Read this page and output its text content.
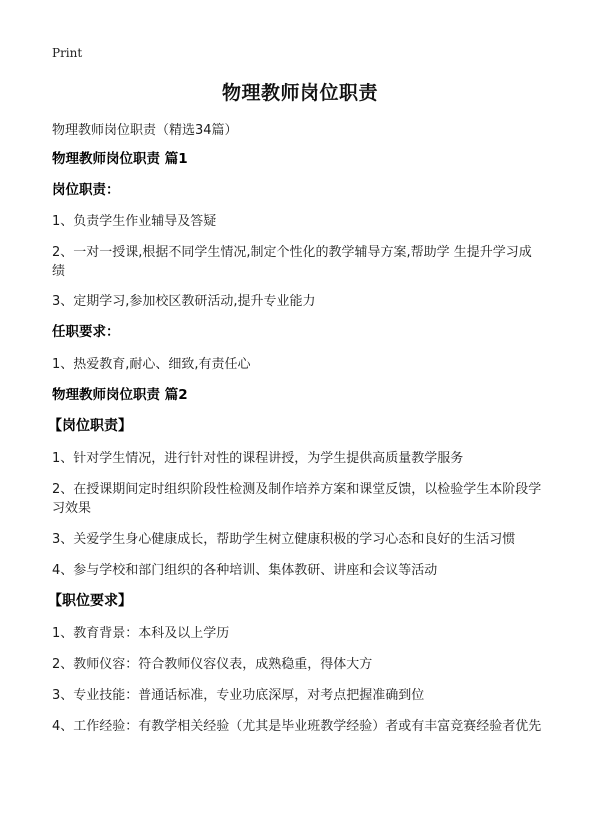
Print
物理教师岗位职责
物理教师岗位职责（精选34篇）
物理教师岗位职责 篇1
岗位职责：
1、负责学生作业辅导及答疑
2、一对一授课,根据不同学生情况,制定个性化的教学辅导方案,帮助学 生提升学习成绩
3、定期学习,参加校区教研活动,提升专业能力
任职要求：
1、热爱教育,耐心、细致,有责任心
物理教师岗位职责 篇2
【岗位职责】
1、针对学生情况，进行针对性的课程讲授，为学生提供高质量教学服务
2、在授课期间定时组织阶段性检测及制作培养方案和课堂反馈，以检验学生本阶段学习效果
3、关爱学生身心健康成长，帮助学生树立健康积极的学习心态和良好的生活习惯
4、参与学校和部门组织的各种培训、集体教研、讲座和会议等活动
【职位要求】
1、教育背景：本科及以上学历
2、教师仪容：符合教师仪容仪表，成熟稳重，得体大方
3、专业技能：普通话标准，专业功底深厚，对考点把握准确到位
4、工作经验：有教学相关经验（尤其是毕业班教学经验）者或有丰富竞赛经验者优先
